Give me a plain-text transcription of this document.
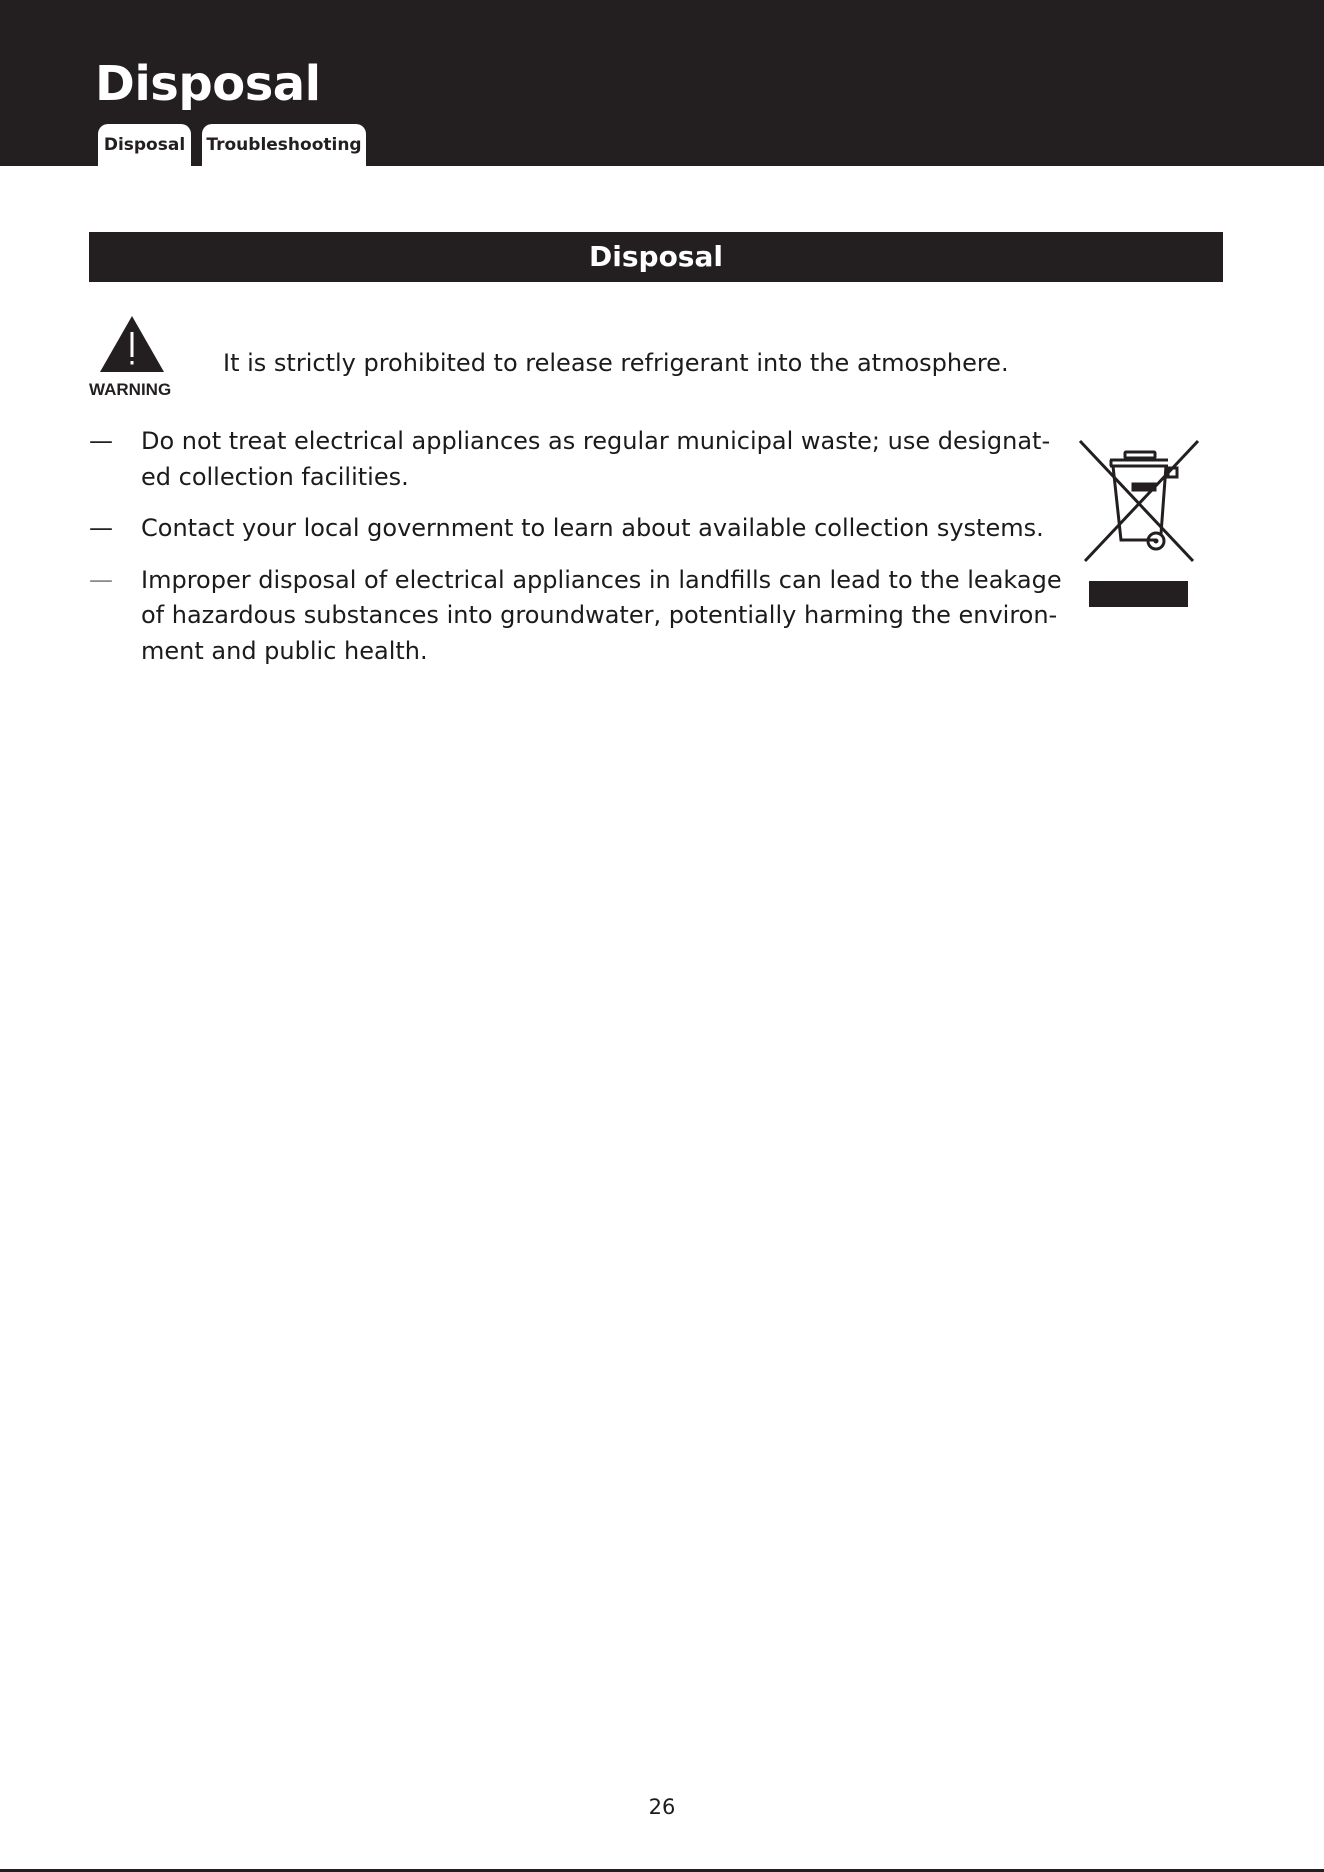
Disposal
Disposal	Troubleshooting
Disposal
WARNING
It is strictly prohibited to release refrigerant into the atmosphere.
— Do not treat electrical appliances as regular municipal waste; use designat-
ed collection facilities.
— Contact your local government to learn about available collection systems.
— Improper disposal of electrical appliances in landfills can lead to the leakage
of hazardous substances into groundwater, potentially harming the environ-
ment and public health.
26
